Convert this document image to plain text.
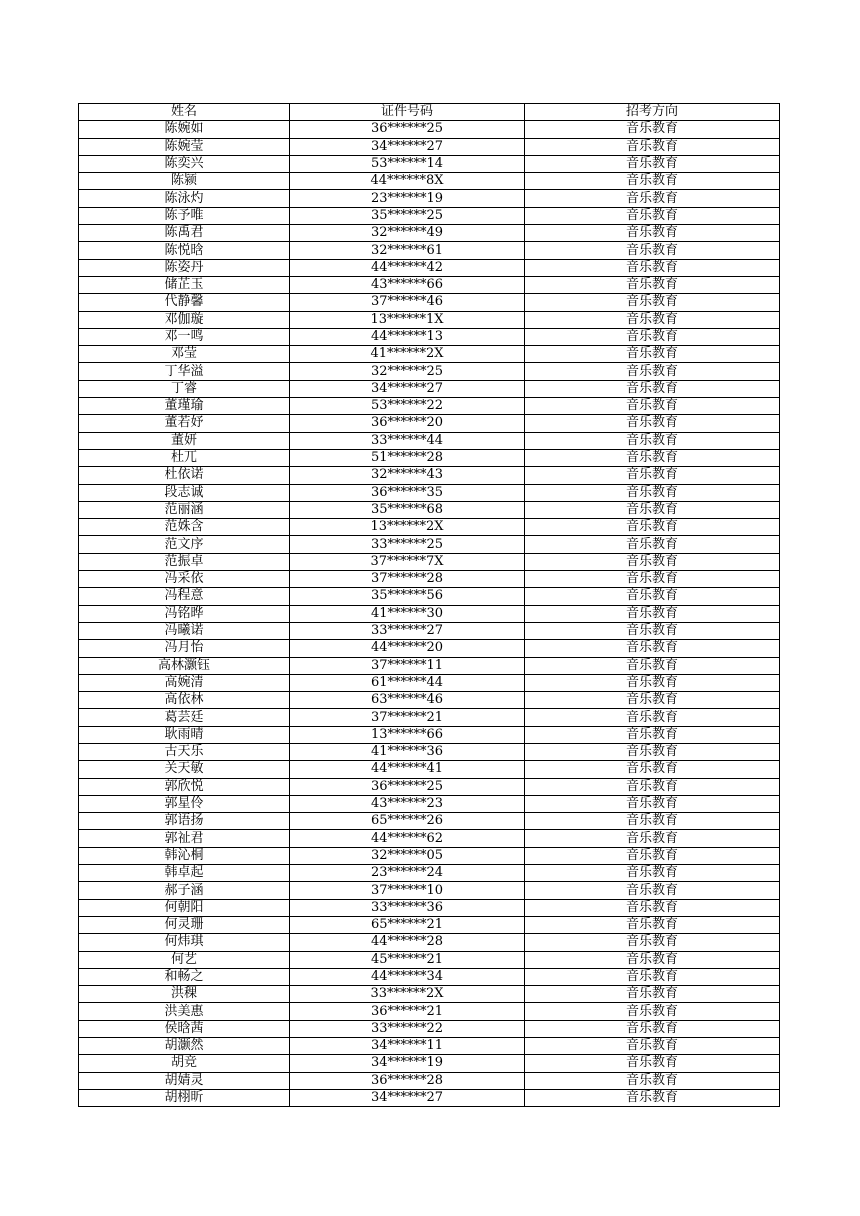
姓名	证件号码	招考方向
陈婉如	36******25	音乐教育
陈婉莹	34******27	音乐教育
陈奕兴	53******14	音乐教育
陈颍	44******8X	音乐教育
陈泳灼	23******19	音乐教育
陈予唯	35******25	音乐教育
陈禹君	32******49	音乐教育
陈悦晗	32******61	音乐教育
陈姿丹	44******42	音乐教育
储芷玉	43******66	音乐教育
代静馨	37******46	音乐教育
邓伽璇	13******1X	音乐教育
邓一鸣	44******13	音乐教育
邓莹	41******2X	音乐教育
丁华溢	32******25	音乐教育
丁睿	34******27	音乐教育
董瑾瑜	53******22	音乐教育
董若妤	36******20	音乐教育
董妍	33******44	音乐教育
杜兀	51******28	音乐教育
杜依诺	32******43	音乐教育
段志诚	36******35	音乐教育
范丽涵	35******68	音乐教育
范姝含	13******2X	音乐教育
范文序	33******25	音乐教育
范振卓	37******7X	音乐教育
冯采依	37******28	音乐教育
冯程意	35******56	音乐教育
冯铭晔	41******30	音乐教育
冯曦诺	33******27	音乐教育
冯月怡	44******20	音乐教育
高林灏钰	37******11	音乐教育
高婉清	61******44	音乐教育
高依林	63******46	音乐教育
葛芸廷	37******21	音乐教育
耿雨晴	13******66	音乐教育
古天乐	41******36	音乐教育
关天敏	44******41	音乐教育
郭欣悦	36******25	音乐教育
郭星伶	43******23	音乐教育
郭语扬	65******26	音乐教育
郭祉君	44******62	音乐教育
韩沁桐	32******05	音乐教育
韩卓起	23******24	音乐教育
郝子涵	37******10	音乐教育
何朝阳	33******36	音乐教育
何灵珊	65******21	音乐教育
何炜琪	44******28	音乐教育
何艺	45******21	音乐教育
和畅之	44******34	音乐教育
洪稞	33******2X	音乐教育
洪美惠	36******21	音乐教育
侯晗茜	33******22	音乐教育
胡灏然	34******11	音乐教育
胡竞	34******19	音乐教育
胡婧灵	36******28	音乐教育
胡栩昕	34******27	音乐教育
